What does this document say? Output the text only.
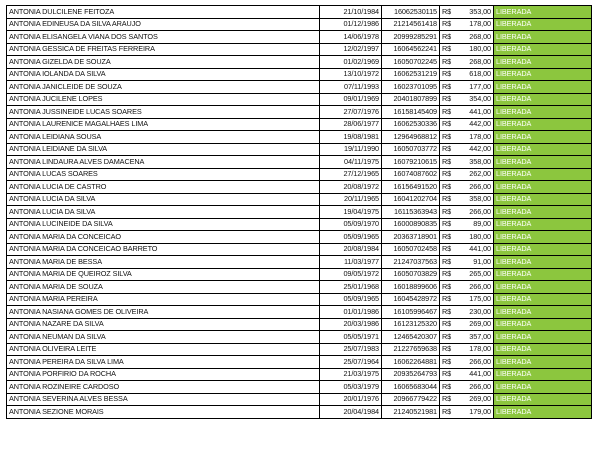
ANTONIA DULCILENE FEITOZA	21/10/1984	16062530115	R$	353,00	LIBERADA
ANTONIA EDINEUSA DA SILVA ARAUJO	01/12/1986	21214561418	R$	178,00	LIBERADA
ANTONIA ELISANGELA VIANA DOS SANTOS	14/06/1978	20999285291	R$	268,00	LIBERADA
ANTONIA GESSICA DE FREITAS FERREIRA	12/02/1997	16064562241	R$	180,00	LIBERADA
ANTONIA GIZELDA DE SOUZA	01/02/1969	16050702245	R$	268,00	LIBERADA
ANTONIA IOLANDA DA SILVA	13/10/1972	16062531219	R$	618,00	LIBERADA
ANTONIA JANICLEIDE DE SOUZA	07/11/1993	16023701095	R$	177,00	LIBERADA
ANTONIA JUCILENE LOPES	09/01/1969	20401807899	R$	354,00	LIBERADA
ANTONIA JUSSINEIDE LUCAS SOARES	27/07/1976	16158145409	R$	441,00	LIBERADA
ANTONIA LAURENICE MAGALHAES LIMA	28/06/1977	16062530336	R$	442,00	LIBERADA
ANTONIA LEIDIANA SOUSA	19/08/1981	12964968812	R$	178,00	LIBERADA
ANTONIA LEIDIANE DA SILVA	19/11/1990	16050703772	R$	442,00	LIBERADA
ANTONIA LINDAURA ALVES DAMACENA	04/11/1975	16079210615	R$	358,00	LIBERADA
ANTONIA LUCAS SOARES	27/12/1965	16074087602	R$	262,00	LIBERADA
ANTONIA LUCIA DE CASTRO	20/08/1972	16156491520	R$	266,00	LIBERADA
ANTONIA LUCIA DA SILVA	20/11/1965	16041202704	R$	358,00	LIBERADA
ANTONIA LUCIA DA SILVA	19/04/1975	16115363943	R$	266,00	LIBERADA
ANTONIA LUCINEIDE DA SILVA	05/09/1970	16000890835	R$	89,00	LIBERADA
ANTONIA MARIA DA CONCEICAO	05/09/1965	20363718901	R$	180,00	LIBERADA
ANTONIA MARIA DA CONCEICAO BARRETO	20/08/1984	16050702458	R$	441,00	LIBERADA
ANTONIA MARIA DE BESSA	11/03/1977	21247037563	R$	91,00	LIBERADA
ANTONIA MARIA DE QUEIROZ SILVA	09/05/1972	16050703829	R$	265,00	LIBERADA
ANTONIA MARIA DE SOUZA	25/01/1968	16018899606	R$	266,00	LIBERADA
ANTONIA MARIA PEREIRA	05/09/1965	16045428972	R$	175,00	LIBERADA
ANTONIA NASIANA GOMES DE OLIVEIRA	01/01/1986	16105996467	R$	230,00	LIBERADA
ANTONIA NAZARE DA SILVA	20/03/1986	16123125320	R$	269,00	LIBERADA
ANTONIA NEUMAN DA SILVA	05/05/1971	12465420307	R$	357,00	LIBERADA
ANTONIA OLIVEIRA LEITE	25/07/1983	21227659638	R$	178,00	LIBERADA
ANTONIA PEREIRA DA SILVA LIMA	25/07/1964	16062264881	R$	266,00	LIBERADA
ANTONIA PORFIRIO DA ROCHA	21/03/1975	20935264793	R$	441,00	LIBERADA
ANTONIA ROZINEIRE CARDOSO	05/03/1979	16065683044	R$	266,00	LIBERADA
ANTONIA SEVERINA ALVES BESSA	20/01/1976	20966779422	R$	269,00	LIBERADA
ANTONIA SEZIONE MORAIS	20/04/1984	21240521981	R$	179,00	LIBERADA
